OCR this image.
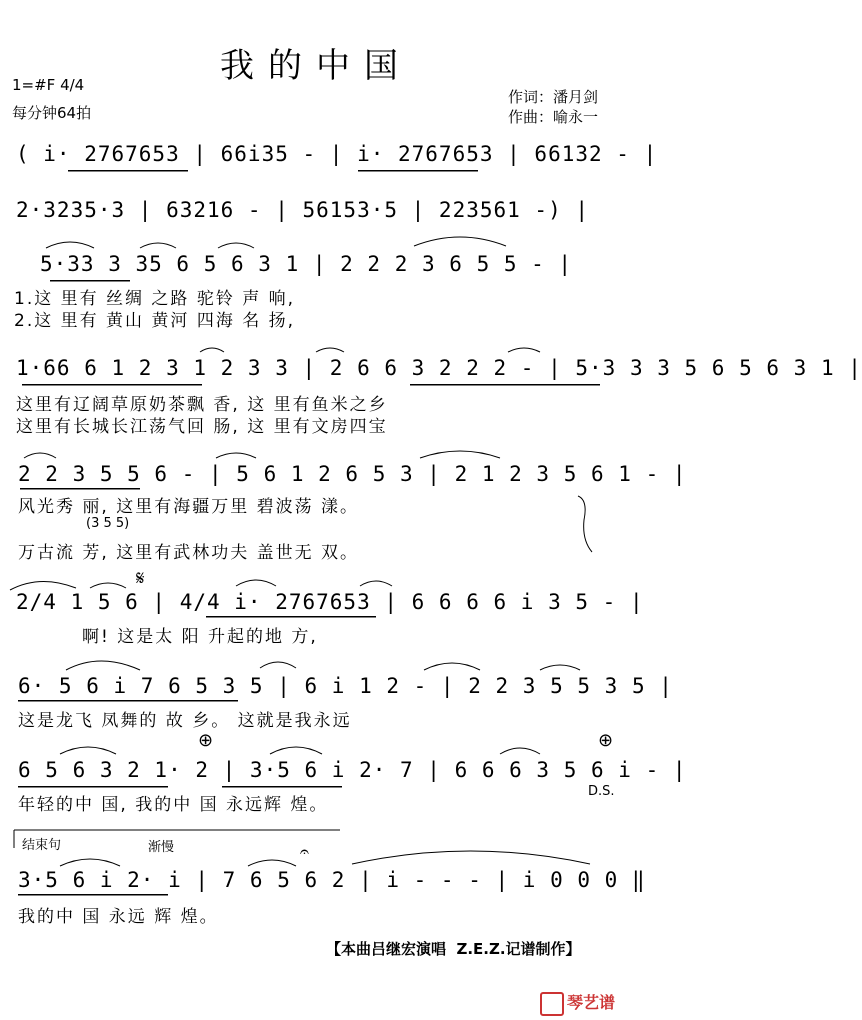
我的中国
1=#F 4/4
每分钟64拍
作词：潘月剑
作曲：喻永一
( i· 2767653 | 66i35 - | i· 2767653 | 66132 - |
2·3235·3 | 63216 - | 56153·5 | 223561 -) |
5·33 3 35 6 5 6 3 1 | 2 2 2 3 6 5 5 - |
1.这 里有 丝绸 之路 驼铃 声 响,
2.这 里有 黄山 黄河 四海 名 扬,
1·66 6 1 2 3 1 2 3 3 | 2 6 6 3 2 2 2 - | 5·3 3 3 5 6 5 6 3 1 |
这里有辽阔草原奶茶飘 香, 这 里有鱼米之乡
这里有长城长江荡气回 肠, 这 里有文房四宝
2 2 3 5 5 6 - | 5 6 1 2 6 5 3 | 2 1 2 3 5 6 1 - |
风光秀 丽, 这里有海疆万里 碧波荡 漾。
(3 5 5)
万古流 芳, 这里有武林功夫 盖世无 双。
2/4 1 5 6 | 4/4 i· 2767653 | 6 6 6 6 i 3 5 - |
𝄋
啊! 这是太 阳 升起的地 方,
6· 5 6 i 7 6 5 3 5 | 6 i 1 2 - | 2 2 3 5 5 3 5 |
这是龙飞 凤舞的 故 乡。 这就是我永远
6 5 6 3 2 1· 2 | 3·5 6 i 2· 7 | 6 6 6 3 5 6 i - |
⊕	⊕
D.S.
年轻的中 国, 我的中 国 永远辉 煌。
结束句	渐慢	𝄐
3·5 6 i 2· i | 7 6 5 6 2 | i - - - | i 0 0 0 ‖
我的中 国 永远 辉 煌。
【本曲吕继宏演唱  Z.E.Z.记谱制作】
琴艺谱
